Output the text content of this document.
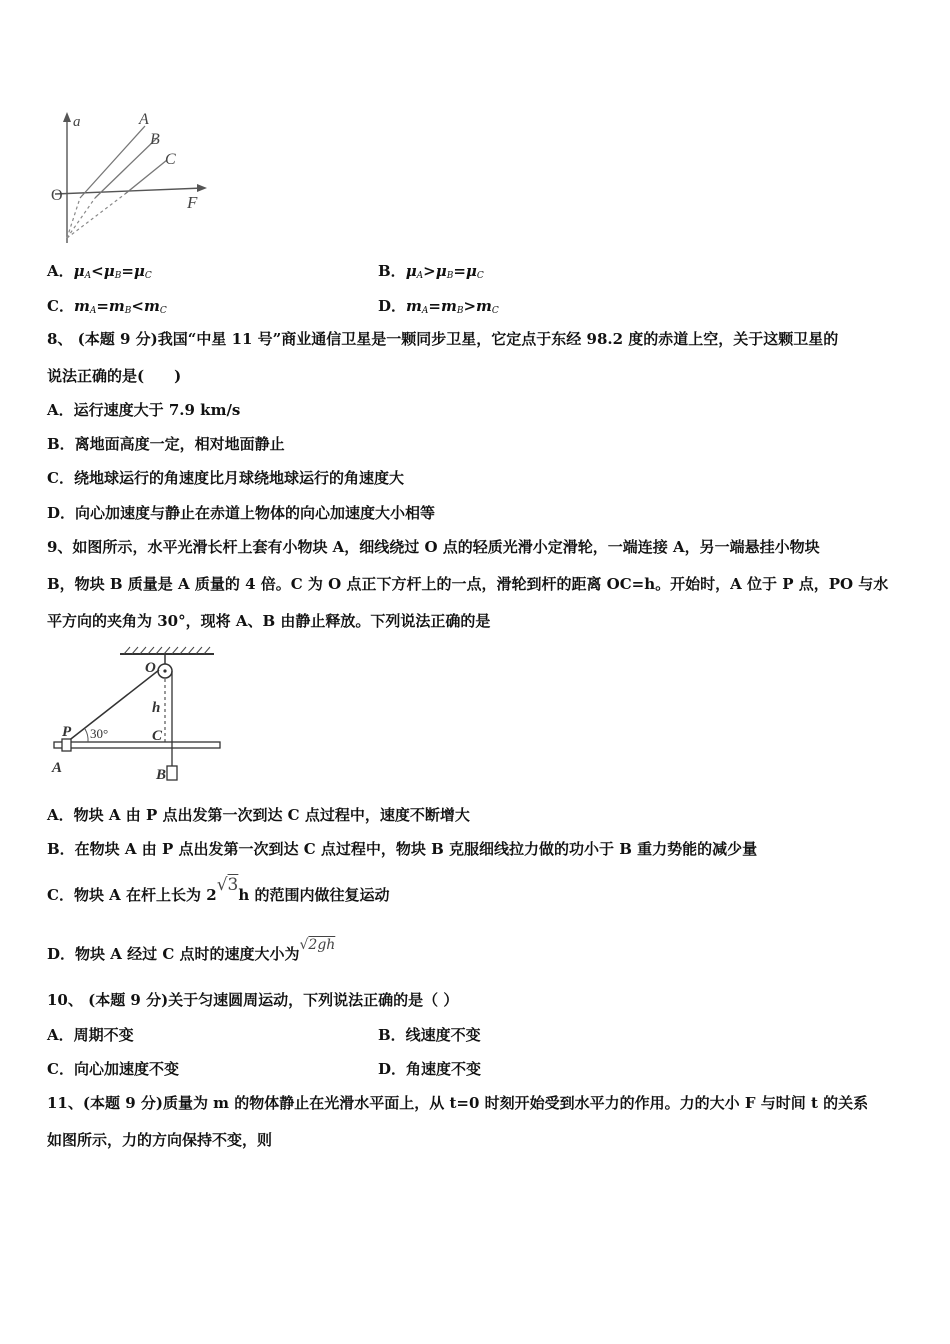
a
F
O
A
B
C
A．$\mu_A<\mu_B=\mu_C$	B．$\mu_A>\mu_B=\mu_C$
C．$m_A=m_B<m_C$	D．$m_A=m_B>m_C$
8、 (本题 9 分)我国“中星 11 号”商业通信卫星是一颗同步卫星，它定点于东经 98.2 度的赤道上空，关于这颗卫星的
说法正确的是(　　)
A．运行速度大于 7.9 km/s
B．离地面高度一定，相对地面静止
C．绕地球运行的角速度比月球绕地球运行的角速度大
D．向心加速度与静止在赤道上物体的向心加速度大小相等
9、如图所示，水平光滑长杆上套有小物块 A，细线绕过 O 点的轻质光滑小定滑轮，一端连接 A，另一端悬挂小物块
B，物块 B 质量是 A 质量的 4 倍。C 为 O 点正下方杆上的一点，滑轮到杆的距离 OC=h。开始时，A 位于 P 点，PO 与水
平方向的夹角为 30°，现将 A、B 由静止释放。下列说法正确的是
O
h
P 30°	C
A	B
A．物块 A 由 P 点出发第一次到达 C 点过程中，速度不断增大
B．在物块 A 由 P 点出发第一次到达 C 点过程中，物块 B 克服细线拉力做的功小于 B 重力势能的减少量
C．物块 A 在杆上长为 2√3h 的范围内做往复运动
D．物块 A 经过 C 点时的速度大小为√2gh
10、 (本题 9 分)关于匀速圆周运动，下列说法正确的是（ ）
A．周期不变	B．线速度不变
C．向心加速度不变	D．角速度不变
11、(本题 9 分)质量为 m 的物体静止在光滑水平面上，从 t=0 时刻开始受到水平力的作用。力的大小 F 与时间 t 的关系
如图所示，力的方向保持不变，则
